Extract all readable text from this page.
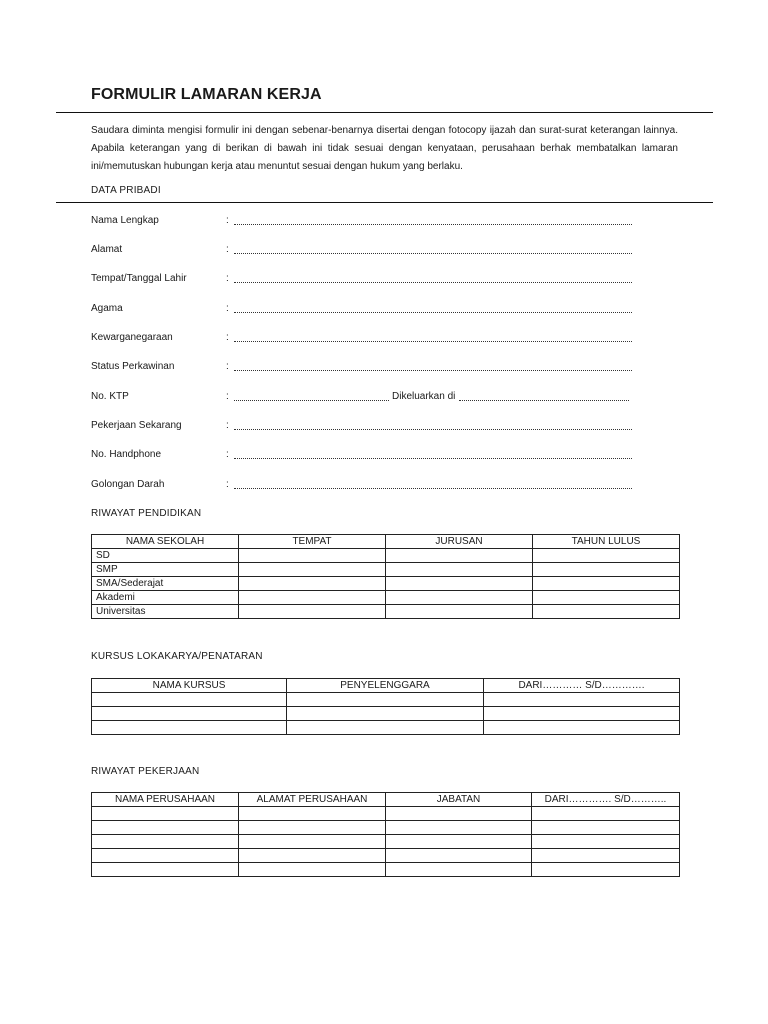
FORMULIR LAMARAN KERJA
Saudara diminta mengisi formulir ini dengan sebenar-benarnya disertai dengan fotocopy ijazah dan surat-surat keterangan lainnya. Apabila keterangan yang di berikan di bawah ini tidak sesuai dengan kenyataan, perusahaan berhak membatalkan lamaran ini/memutuskan hubungan kerja atau menuntut sesuai dengan hukum yang berlaku.
DATA PRIBADI
Nama Lengkap	:
Alamat	:
Tempat/Tanggal Lahir	:
Agama	:
Kewarganegaraan	:
Status Perkawinan	:
No. KTP	:	Dikeluarkan di
Pekerjaan Sekarang	:
No. Handphone	:
Golongan Darah	:
RIWAYAT PENDIDIKAN
NAMA SEKOLAH	TEMPAT	JURUSAN	TAHUN LULUS
SD			
SMP			
SMA/Sederajat			
Akademi			
Universitas			
KURSUS LOKAKARYA/PENATARAN
NAMA KURSUS	PENYELENGGARA	DARI………… S/D………….

RIWAYAT PEKERJAAN
NAMA PERUSAHAAN	ALAMAT PERUSAHAAN	JABATAN	DARI…………. S/D………..
